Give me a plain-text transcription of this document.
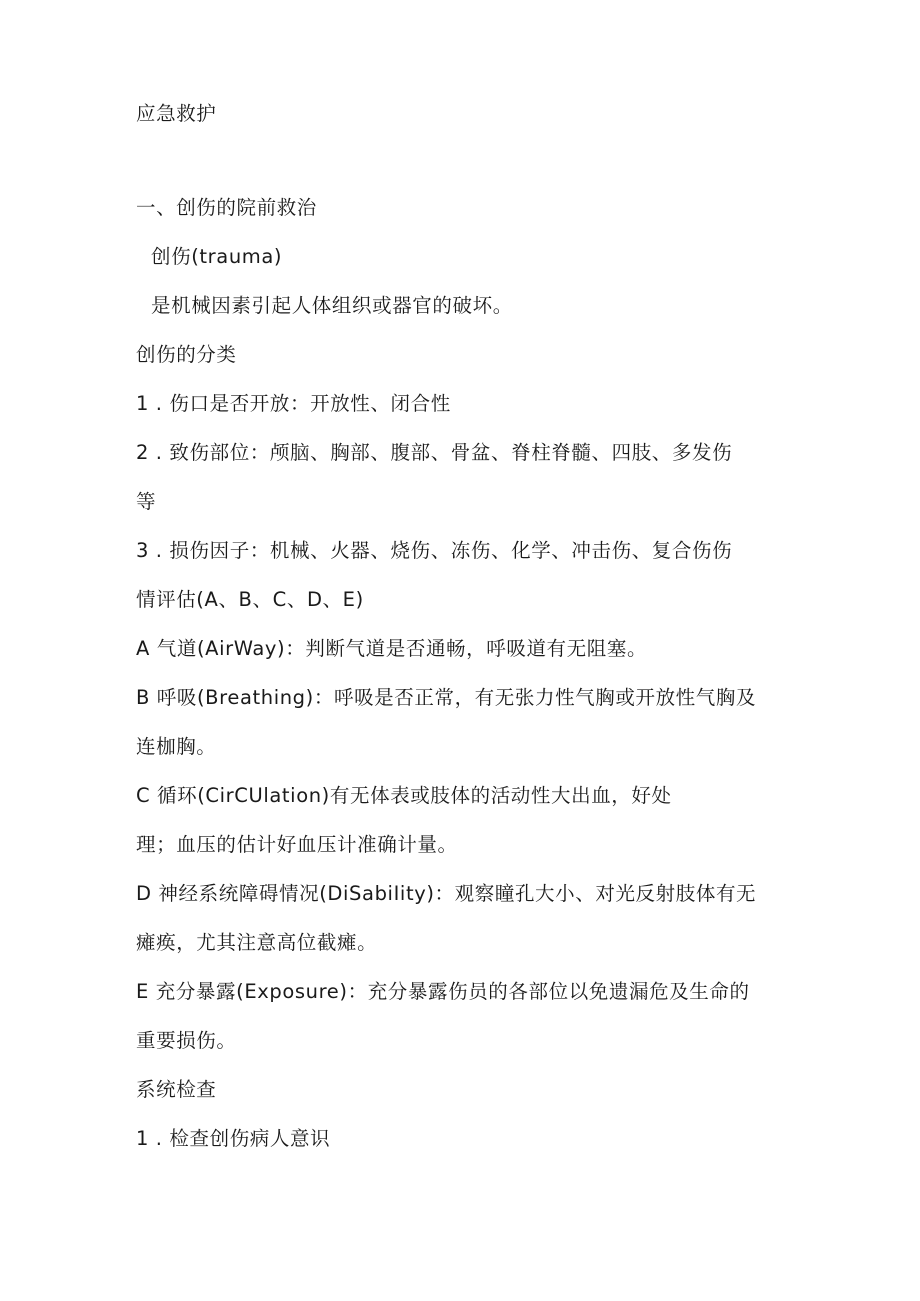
应急救护

一、创伤的院前救治

创伤(trauma)

是机械因素引起人体组织或器官的破坏。

创伤的分类

1 . 伤口是否开放：开放性、闭合性

2 . 致伤部位：颅脑、胸部、腹部、骨盆、脊柱脊髓、四肢、多发伤

等

3 . 损伤因子：机械、火器、烧伤、冻伤、化学、冲击伤、复合伤伤

情评估(A、B、C、D、E)

A 气道(AirWay)：判断气道是否通畅，呼吸道有无阻塞。

B 呼吸(Breathing)：呼吸是否正常，有无张力性气胸或开放性气胸及

连枷胸。

C 循环(CirCUlation)有无体表或肢体的活动性大出血，好处

理；血压的估计好血压计准确计量。

D 神经系统障碍情况(DiSabiIity)：观察瞳孔大小、对光反射肢体有无

瘫痪，尤其注意高位截瘫。

E 充分暴露(Exposure)：充分暴露伤员的各部位以免遗漏危及生命的

重要损伤。

系统检查

1 . 检查创伤病人意识
